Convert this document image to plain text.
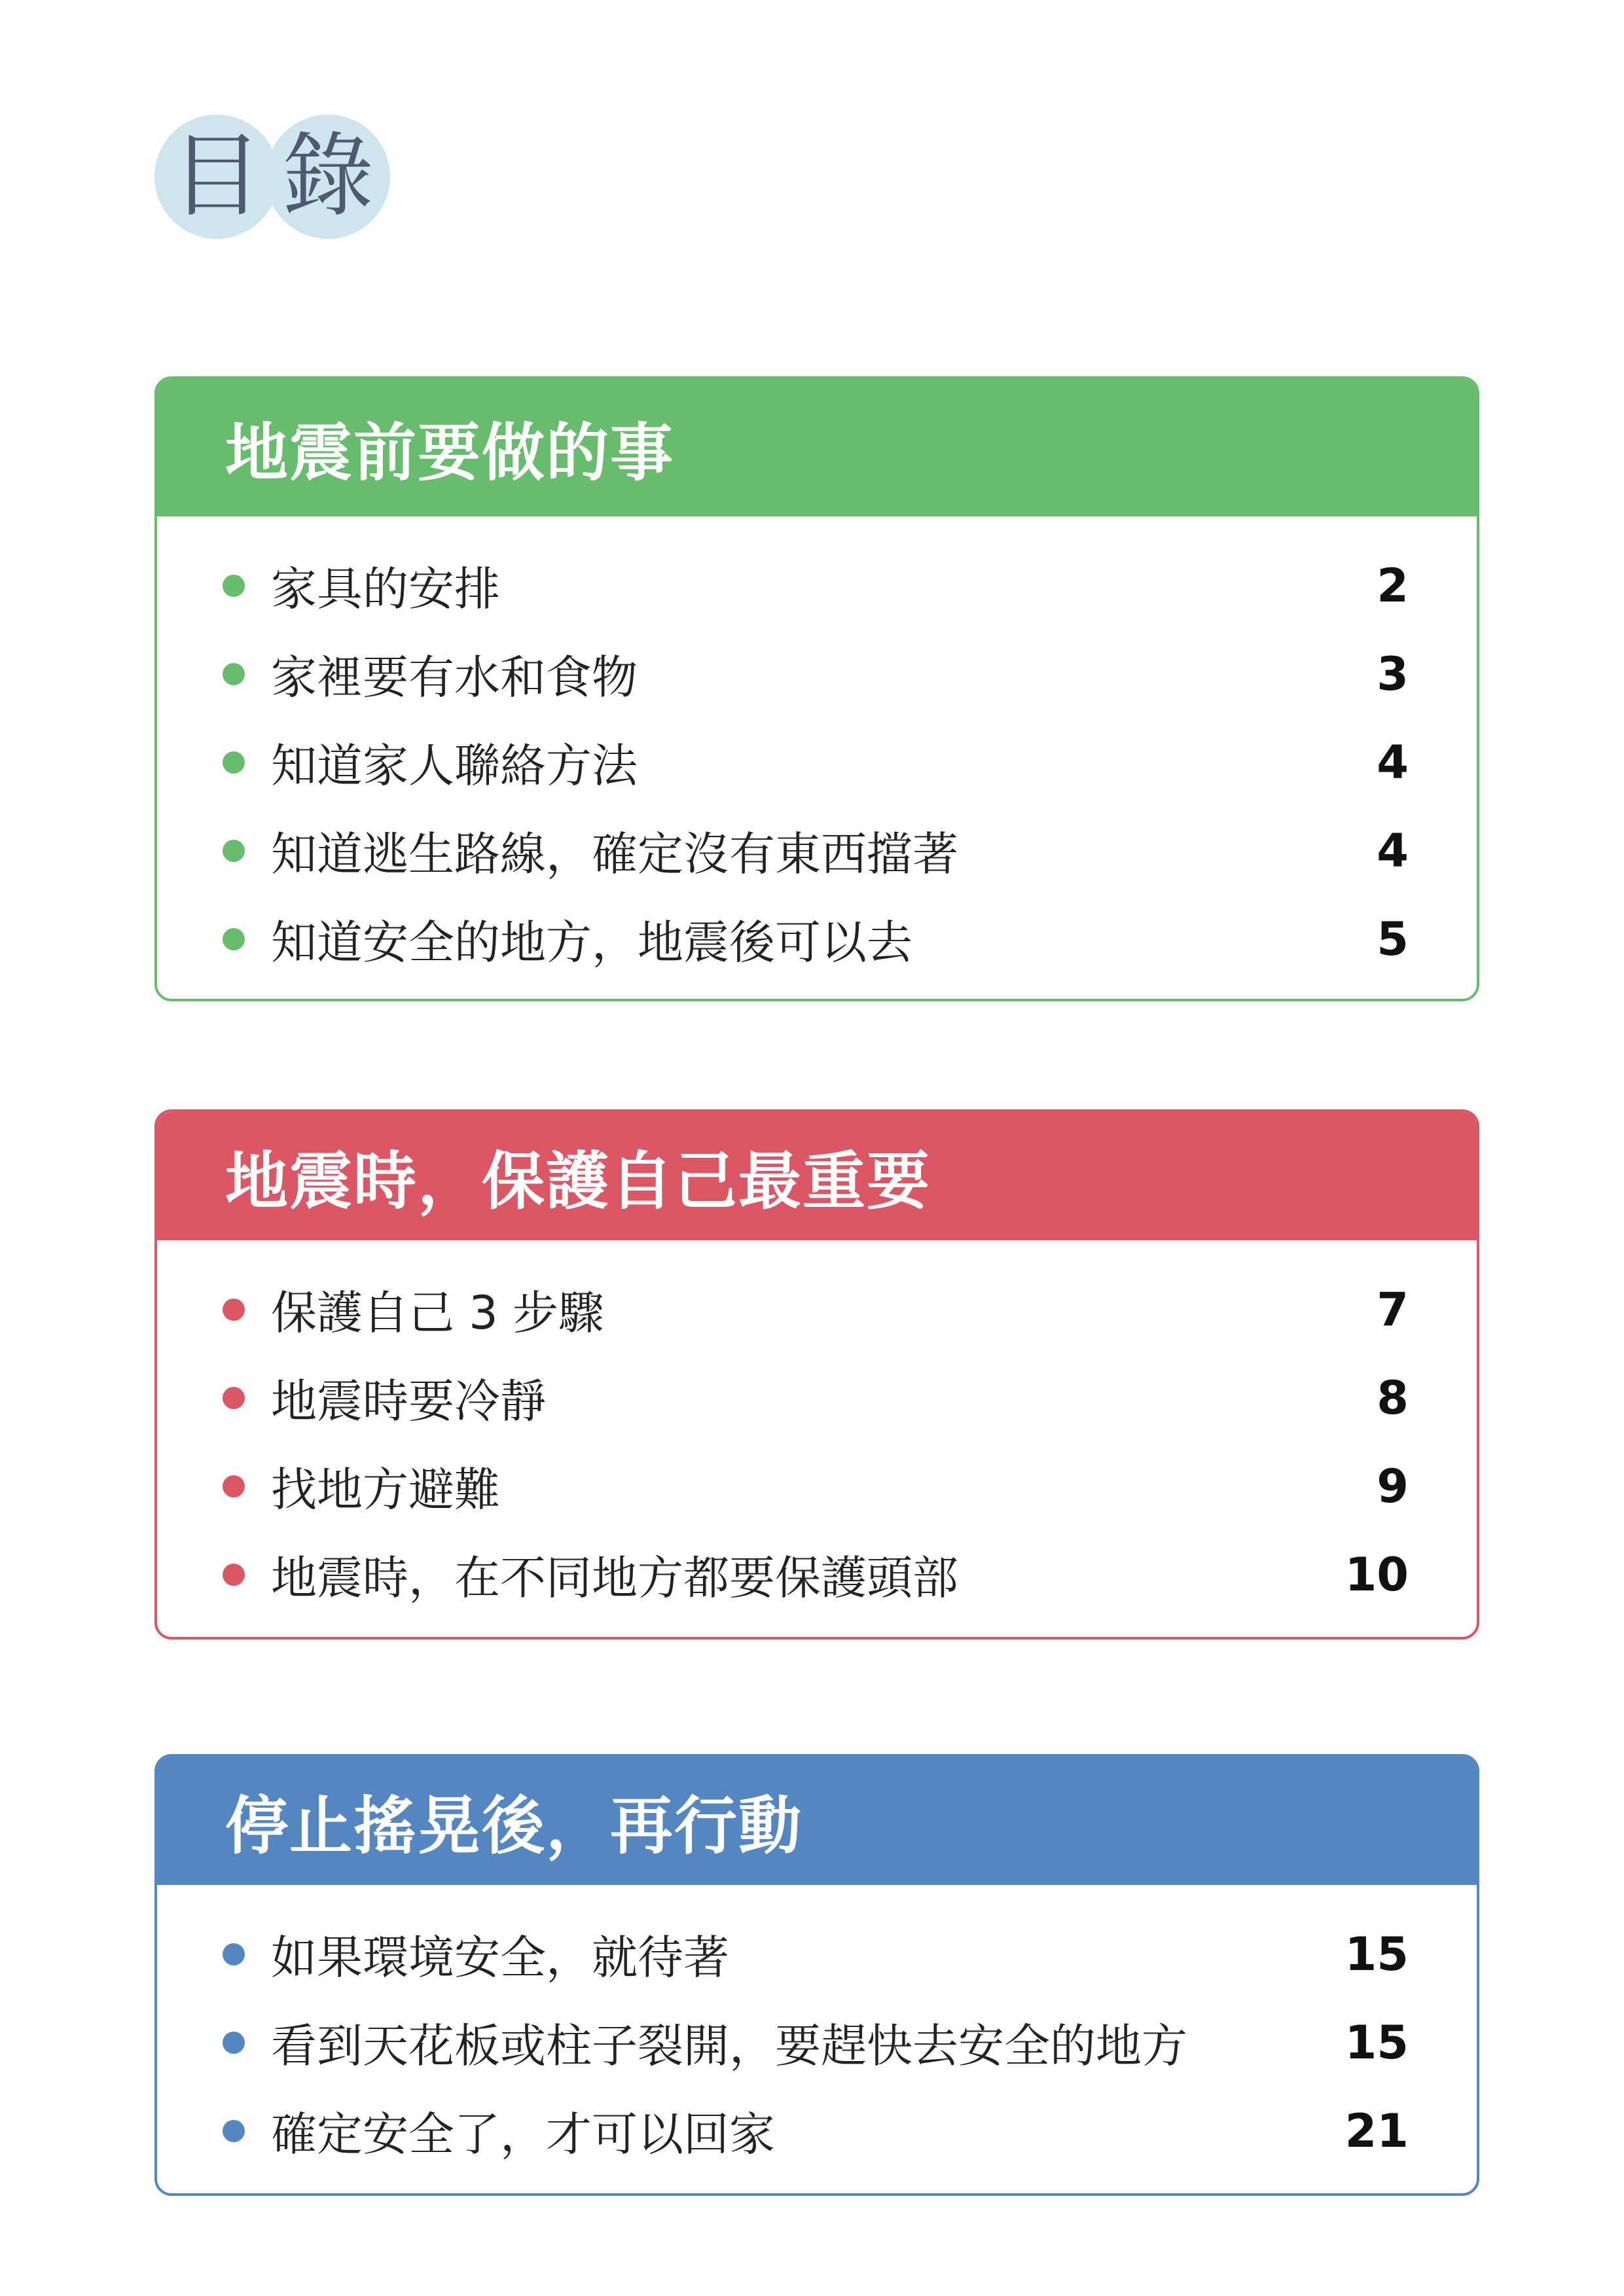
目 錄
地震前要做的事
家具的安排	2
家裡要有水和食物	3
知道家人聯絡方法	4
知道逃生路線，確定沒有東西擋著	4
知道安全的地方，地震後可以去	5
地震時，保護自己最重要
保護自己 3 步驟	7
地震時要冷靜	8
找地方避難	9
地震時，在不同地方都要保護頭部	10
停止搖晃後，再行動
如果環境安全，就待著	15
看到天花板或柱子裂開，要趕快去安全的地方	15
確定安全了，才可以回家	21
